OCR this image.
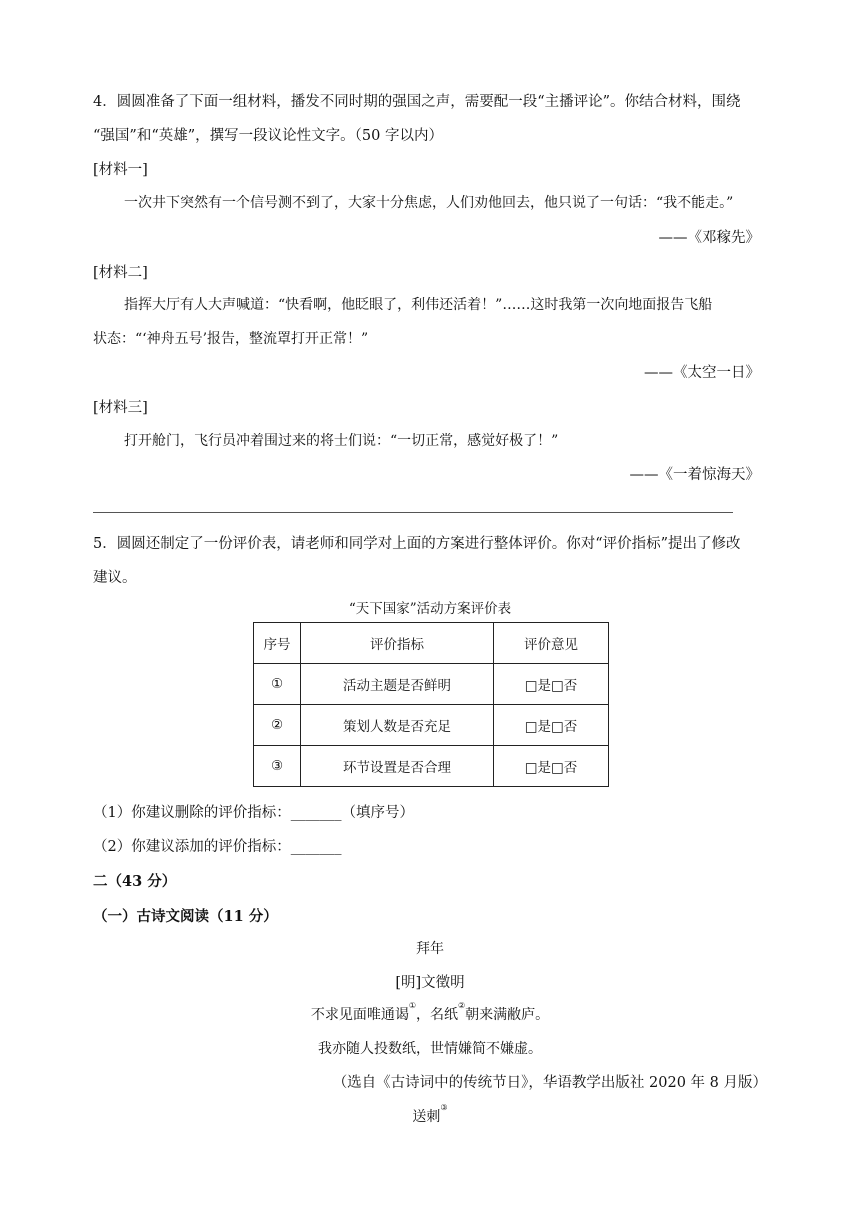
4．圆圆准备了下面一组材料，播发不同时期的强国之声，需要配一段“主播评论”。你结合材料，围绕
“强国”和“英雄”，撰写一段议论性文字。（50 字以内）
[材料一]
一次井下突然有一个信号测不到了，大家十分焦虑，人们劝他回去，他只说了一句话：“我不能走。”
——《邓稼先》
[材料二]
指挥大厅有人大声喊道：“快看啊，他眨眼了，利伟还活着！”……这时我第一次向地面报告飞船
状态：“‘神舟五号’报告，整流罩打开正常！”
——《太空一日》
[材料三]
打开舱门，飞行员冲着围过来的将士们说：“一切正常，感觉好极了！”
——《一着惊海天》
5．圆圆还制定了一份评价表，请老师和同学对上面的方案进行整体评价。你对“评价指标”提出了修改
建议。
“天下国家”活动方案评价表
序号	评价指标	评价意见
①	活动主题是否鲜明	□是□否
②	策划人数是否充足	□是□否
③	环节设置是否合理	□是□否
（1）你建议删除的评价指标：_______（填序号）
（2）你建议添加的评价指标：_______
二（43 分）
（一）古诗文阅读（11 分）
拜年
[明]文徵明
不求见面唯通谒①，名纸②朝来满敝庐。
我亦随人投数纸，世情嫌简不嫌虚。
（选自《古诗词中的传统节日》，华语教学出版社 2020 年 8 月版）
送刺③
